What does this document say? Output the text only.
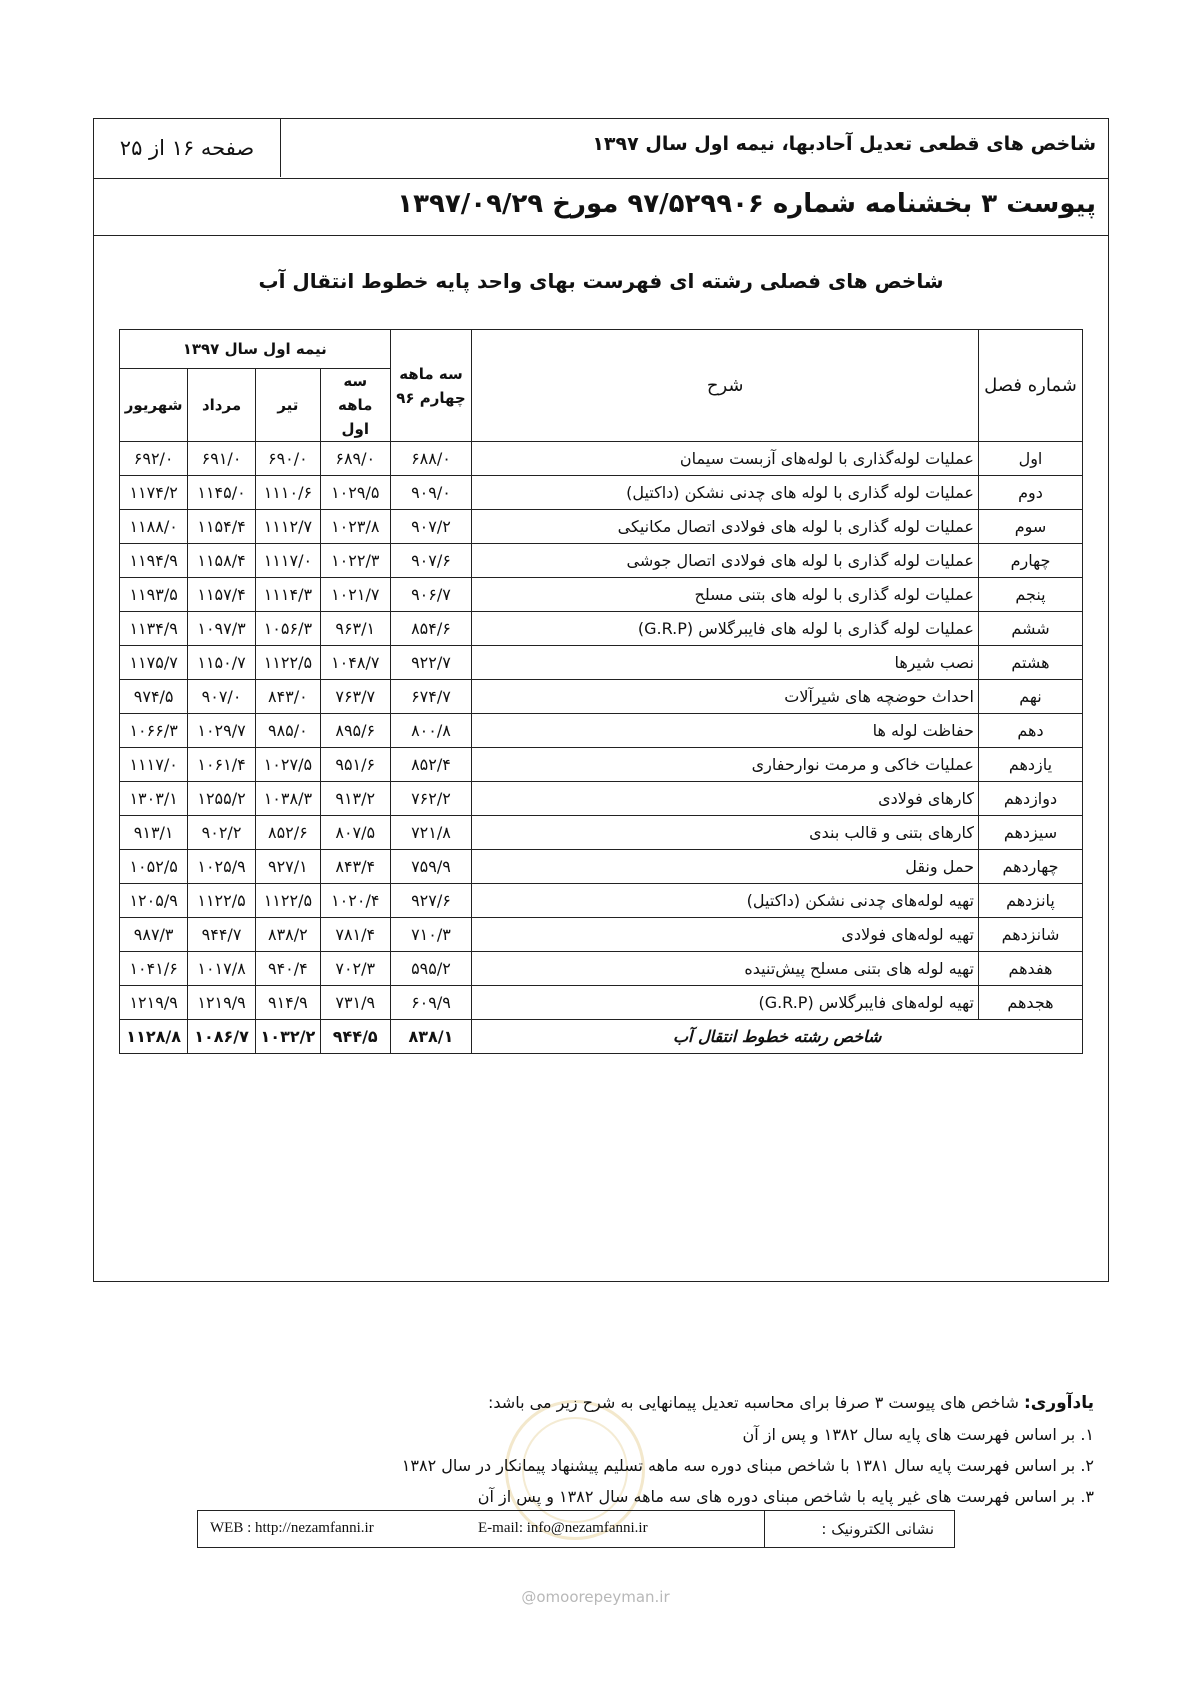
شاخص های قطعی تعدیل آحادبها، نیمه اول سال ۱۳۹۷
صفحه ۱۶ از ۲۵
پیوست ۳ بخشنامه شماره ۹۷/۵۲۹۹۰۶ مورخ ۱۳۹۷/۰۹/۲۹
شاخص های فصلی رشته ای فهرست بهای واحد پایه خطوط انتقال آب
شماره فصل	شرح	سه ماهه چهارم ۹۶	نیمه اول سال ۱۳۹۷			
			سه ماهه اول	تیر	مرداد	شهریور
اول	عملیات لوله‌گذاری با لوله‌های آزبست سیمان	۶۸۸/۰	۶۸۹/۰	۶۹۰/۰	۶۹۱/۰	۶۹۲/۰
دوم	عملیات لوله گذاری با لوله های چدنی نشکن (داکتیل)	۹۰۹/۰	۱۰۲۹/۵	۱۱۱۰/۶	۱۱۴۵/۰	۱۱۷۴/۲
سوم	عملیات لوله گذاری با لوله های فولادی اتصال مکانیکی	۹۰۷/۲	۱۰۲۳/۸	۱۱۱۲/۷	۱۱۵۴/۴	۱۱۸۸/۰
چهارم	عملیات لوله گذاری با لوله های فولادی اتصال جوشی	۹۰۷/۶	۱۰۲۲/۳	۱۱۱۷/۰	۱۱۵۸/۴	۱۱۹۴/۹
پنجم	عملیات لوله گذاری با لوله های بتنی مسلح	۹۰۶/۷	۱۰۲۱/۷	۱۱۱۴/۳	۱۱۵۷/۴	۱۱۹۳/۵
ششم	عملیات لوله گذاری با لوله های فایبرگلاس (G.R.P)	۸۵۴/۶	۹۶۳/۱	۱۰۵۶/۳	۱۰۹۷/۳	۱۱۳۴/۹
هشتم	نصب شیرها	۹۲۲/۷	۱۰۴۸/۷	۱۱۲۲/۵	۱۱۵۰/۷	۱۱۷۵/۷
نهم	احداث حوضچه های شیرآلات	۶۷۴/۷	۷۶۳/۷	۸۴۳/۰	۹۰۷/۰	۹۷۴/۵
دهم	حفاظت لوله ها	۸۰۰/۸	۸۹۵/۶	۹۸۵/۰	۱۰۲۹/۷	۱۰۶۶/۳
یازدهم	عملیات خاکی و مرمت نوارحفاری	۸۵۲/۴	۹۵۱/۶	۱۰۲۷/۵	۱۰۶۱/۴	۱۱۱۷/۰
دوازدهم	کارهای فولادی	۷۶۲/۲	۹۱۳/۲	۱۰۳۸/۳	۱۲۵۵/۲	۱۳۰۳/۱
سیزدهم	کارهای بتنی و قالب بندی	۷۲۱/۸	۸۰۷/۵	۸۵۲/۶	۹۰۲/۲	۹۱۳/۱
چهاردهم	حمل ونقل	۷۵۹/۹	۸۴۳/۴	۹۲۷/۱	۱۰۲۵/۹	۱۰۵۲/۵
پانزدهم	تهیه لوله‌های چدنی نشکن (داکتیل)	۹۲۷/۶	۱۰۲۰/۴	۱۱۲۲/۵	۱۱۲۲/۵	۱۲۰۵/۹
شانزدهم	تهیه لوله‌های فولادی	۷۱۰/۳	۷۸۱/۴	۸۳۸/۲	۹۴۴/۷	۹۸۷/۳
هفدهم	تهیه لوله های بتنی مسلح پیش‌تنیده	۵۹۵/۲	۷۰۲/۳	۹۴۰/۴	۱۰۱۷/۸	۱۰۴۱/۶
هجدهم	تهیه لوله‌های فایبرگلاس (G.R.P)	۶۰۹/۹	۷۳۱/۹	۹۱۴/۹	۱۲۱۹/۹	۱۲۱۹/۹
شاخص رشته خطوط انتقال آب		۸۳۸/۱	۹۴۴/۵	۱۰۳۲/۲	۱۰۸۶/۷	۱۱۲۸/۸
یادآوری: شاخص های پیوست ۳ صرفا برای محاسبه تعدیل پیمانهایی به شرح زیر می باشد:
۱. بر اساس فهرست های پایه سال ۱۳۸۲ و پس از آن
۲. بر اساس فهرست پایه سال ۱۳۸۱ با شاخص مبنای دوره سه ماهه تسلیم پیشنهاد پیمانکار در سال ۱۳۸۲
۳. بر اساس فهرست های غیر پایه با شاخص مبنای دوره های سه ماهه سال ۱۳۸۲ و پس از آن
نشانی الکترونیک :
E-mail: info@nezamfanni.ir
WEB : http://nezamfanni.ir
@omoorepeyman.ir
